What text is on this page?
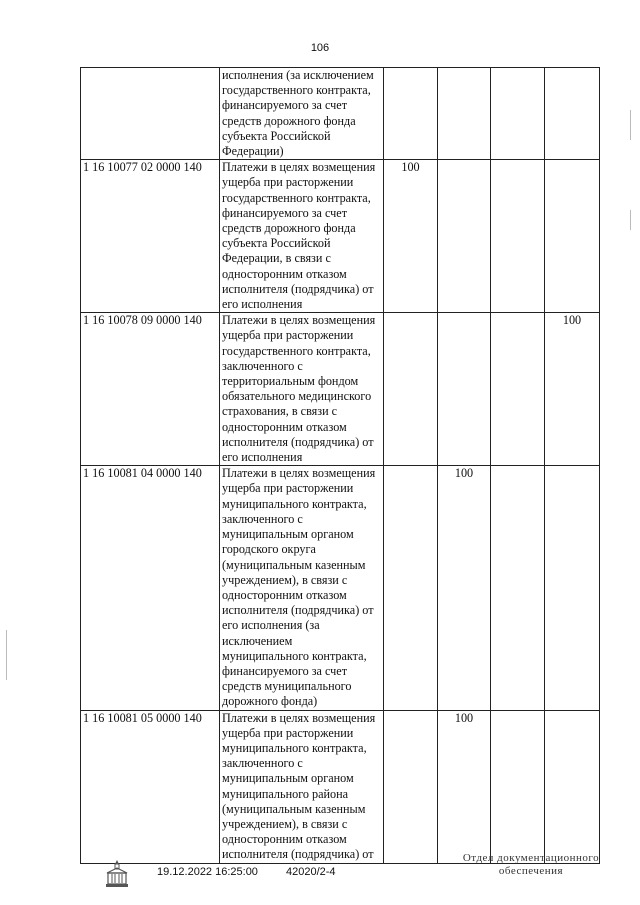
106
	исполнения (за исключением государственного контракта, финансируемого за счет средств дорожного фонда субъекта Российской Федерации)				
1 16 10077 02 0000 140	Платежи в целях возмещения ущерба при расторжении государственного контракта, финансируемого за счет средств дорожного фонда субъекта Российской Федерации, в связи с односторонним отказом исполнителя (подрядчика) от его исполнения	100			
1 16 10078 09 0000 140	Платежи в целях возмещения ущерба при расторжении государственного контракта, заключенного с территориальным фондом обязательного медицинского страхования, в связи с односторонним отказом исполнителя (подрядчика) от его исполнения				100
1 16 10081 04 0000 140	Платежи в целях возмещения ущерба при расторжении муниципального контракта, заключенного с муниципальным органом городского округа (муниципальным казенным учреждением), в связи с односторонним отказом исполнителя (подрядчика) от его исполнения (за исключением муниципального контракта, финансируемого за счет средств муниципального дорожного фонда)		100		
1 16 10081 05 0000 140	Платежи в целях возмещения ущерба при расторжении муниципального контракта, заключенного с муниципальным органом муниципального района (муниципальным казенным учреждением), в связи с односторонним отказом исполнителя (подрядчика) от		100		
19.12.2022 16:25:00	42020/2-4
Отдел документационного
обеспечения
